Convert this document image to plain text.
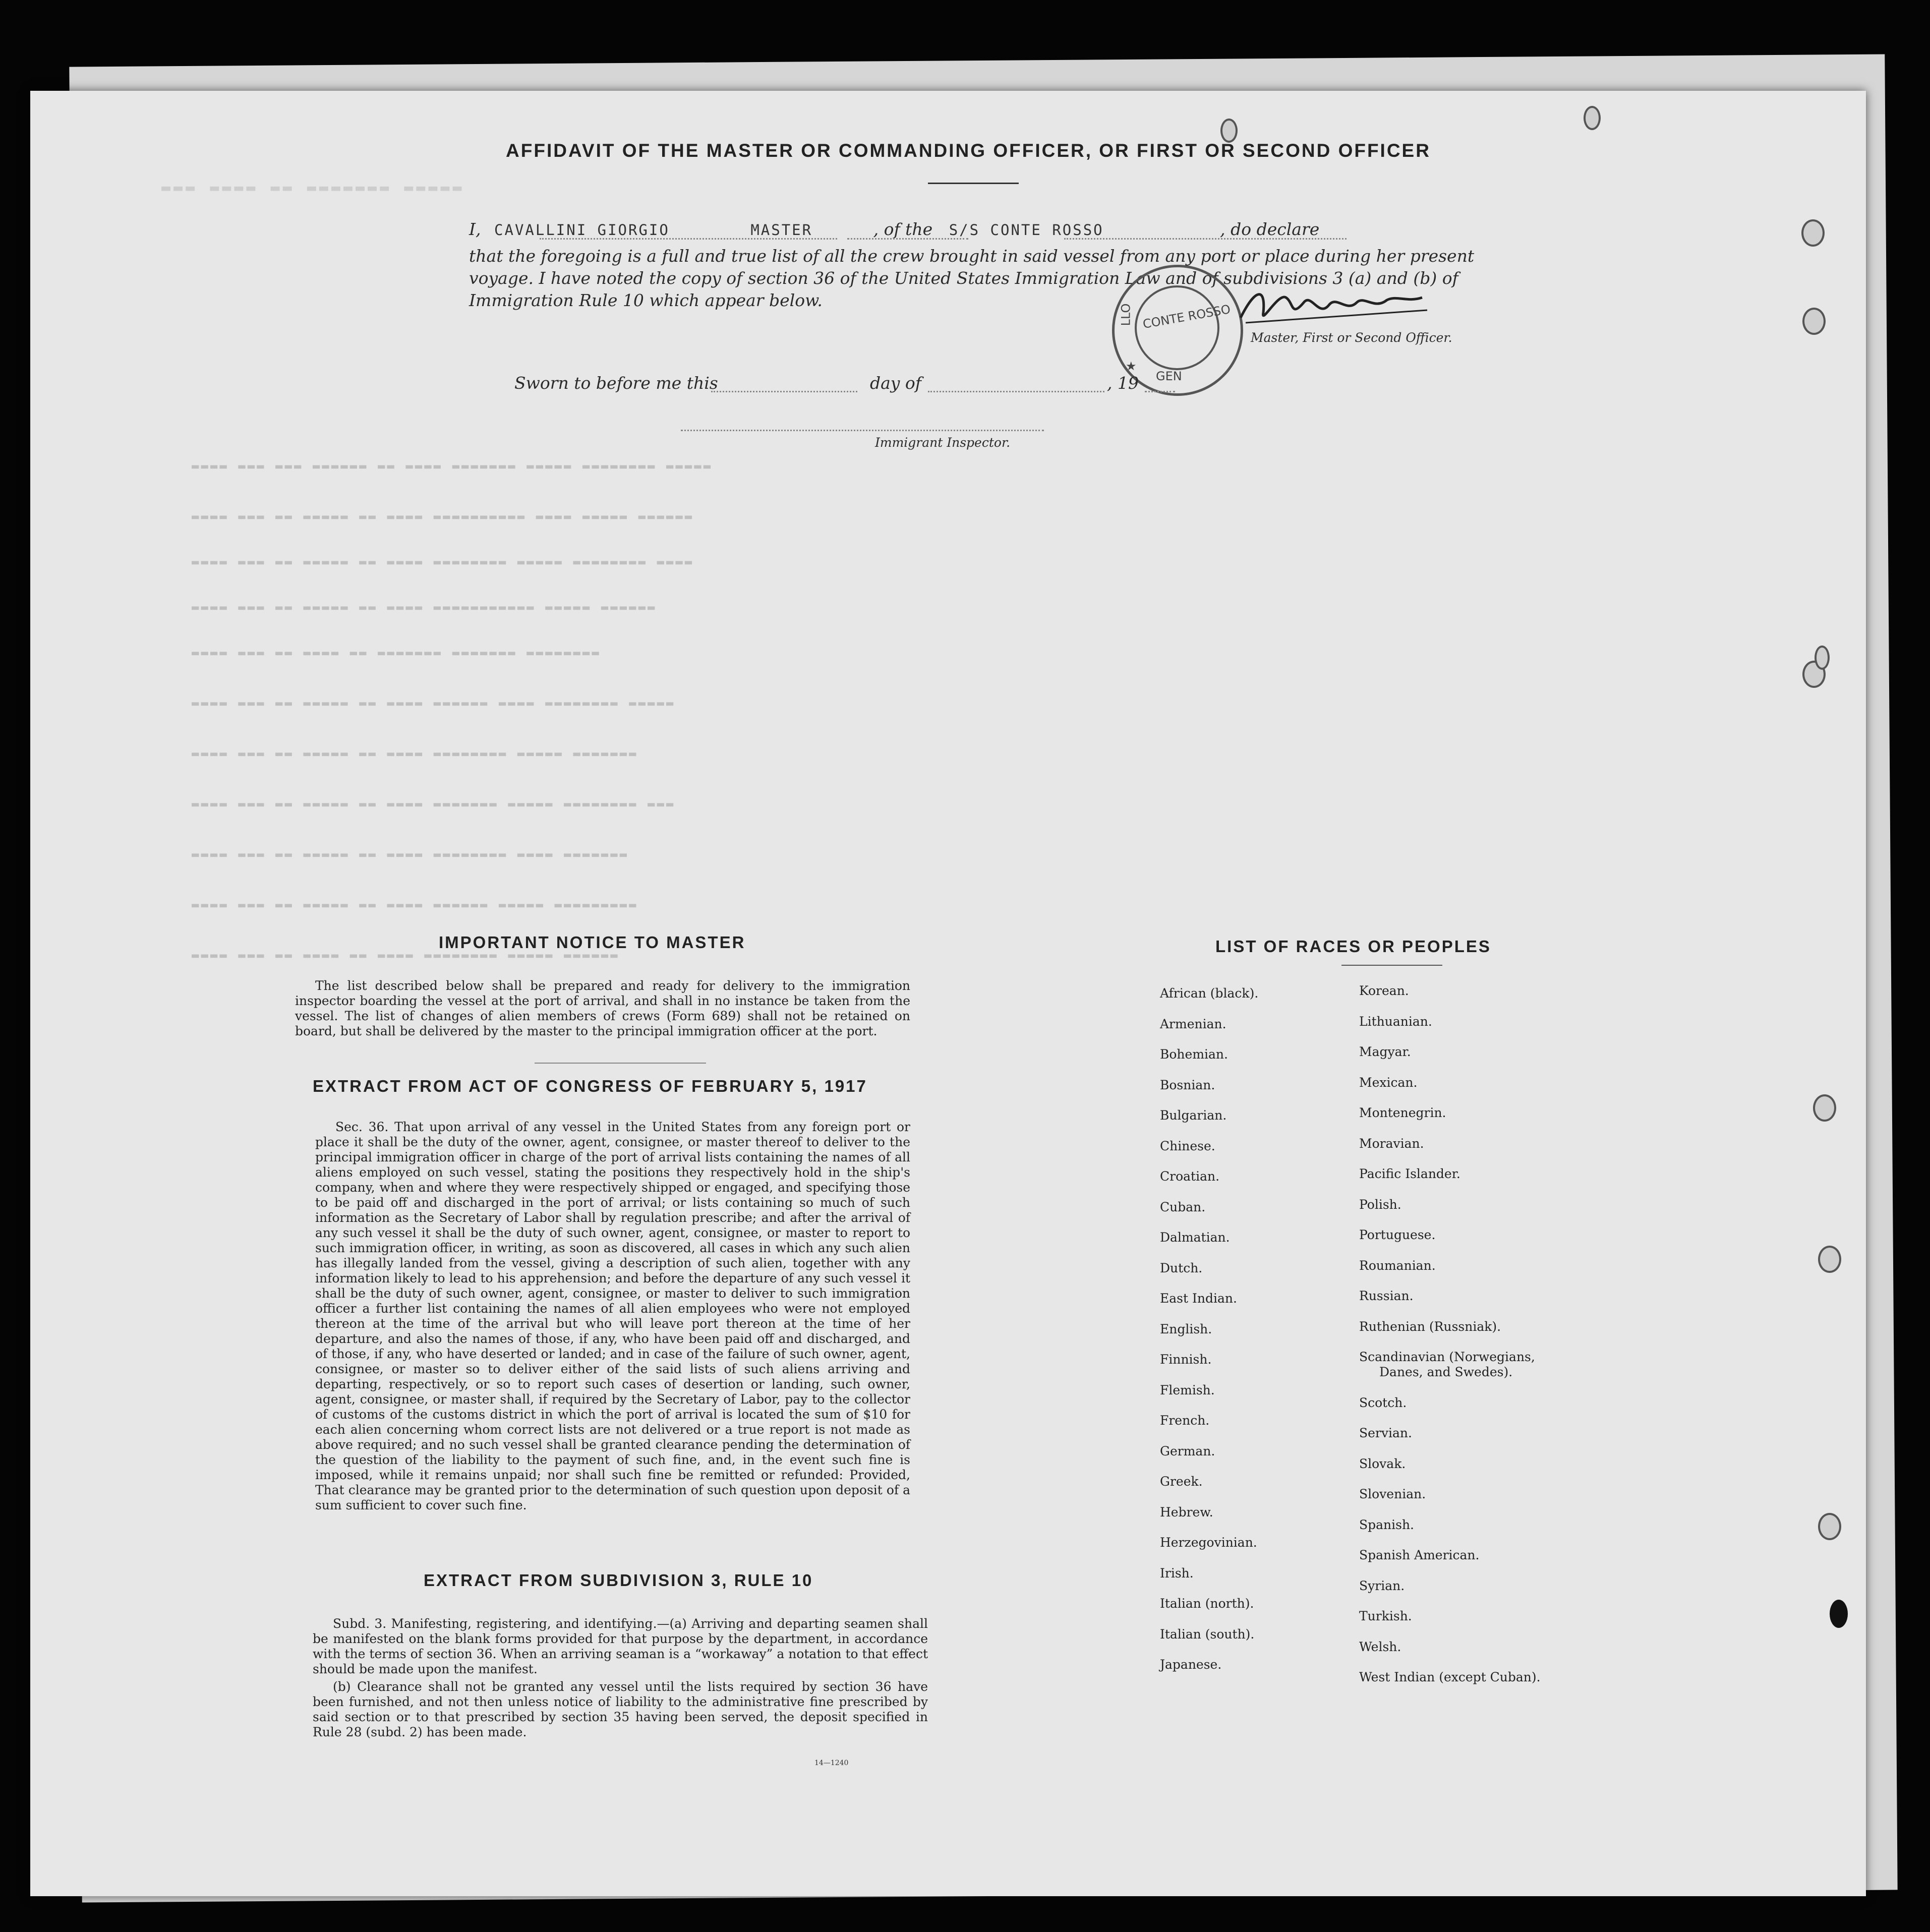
▬▬▬ ▬▬▬▬ ▬▬ ▬▬▬▬▬▬▬ ▬▬▬▬▬
▬▬▬▬ ▬▬▬ ▬▬▬ ▬▬▬▬▬▬ ▬▬ ▬▬▬▬ ▬▬▬▬▬▬▬ ▬▬▬▬▬ ▬▬▬▬▬▬▬▬ ▬▬▬▬▬
▬▬▬▬ ▬▬▬ ▬▬ ▬▬▬▬▬ ▬▬ ▬▬▬▬ ▬▬▬▬▬▬▬▬▬▬ ▬▬▬▬ ▬▬▬▬▬ ▬▬▬▬▬▬
▬▬▬▬ ▬▬▬ ▬▬ ▬▬▬▬▬ ▬▬ ▬▬▬▬ ▬▬▬▬▬▬▬▬ ▬▬▬▬▬ ▬▬▬▬▬▬▬▬ ▬▬▬▬
▬▬▬▬ ▬▬▬ ▬▬ ▬▬▬▬▬ ▬▬ ▬▬▬▬ ▬▬▬▬▬▬▬▬▬▬▬ ▬▬▬▬▬ ▬▬▬▬▬▬
▬▬▬▬ ▬▬▬ ▬▬ ▬▬▬▬ ▬▬ ▬▬▬▬▬▬▬ ▬▬▬▬▬▬▬ ▬▬▬▬▬▬▬▬
▬▬▬▬ ▬▬▬ ▬▬ ▬▬▬▬▬ ▬▬ ▬▬▬▬ ▬▬▬▬▬▬ ▬▬▬▬ ▬▬▬▬▬▬▬▬ ▬▬▬▬▬
▬▬▬▬ ▬▬▬ ▬▬ ▬▬▬▬▬ ▬▬ ▬▬▬▬ ▬▬▬▬▬▬▬▬ ▬▬▬▬▬ ▬▬▬▬▬▬▬
▬▬▬▬ ▬▬▬ ▬▬ ▬▬▬▬▬ ▬▬ ▬▬▬▬ ▬▬▬▬▬▬▬ ▬▬▬▬▬ ▬▬▬▬▬▬▬▬ ▬▬▬
▬▬▬▬ ▬▬▬ ▬▬ ▬▬▬▬▬ ▬▬ ▬▬▬▬ ▬▬▬▬▬▬▬▬ ▬▬▬▬ ▬▬▬▬▬▬▬
▬▬▬▬ ▬▬▬ ▬▬ ▬▬▬▬▬ ▬▬ ▬▬▬▬ ▬▬▬▬▬▬ ▬▬▬▬▬ ▬▬▬▬▬▬▬▬▬
▬▬▬▬ ▬▬▬ ▬▬ ▬▬▬▬ ▬▬ ▬▬▬▬ ▬▬▬▬▬▬▬▬ ▬▬▬▬▬ ▬▬▬▬▬▬
AFFIDAVIT OF THE MASTER OR COMMANDING OFFICER, OR FIRST OR SECOND OFFICER
I, CAVALLINI GIORGIO	MASTER	, of the S/S CONTE ROSSO	, do declare
that the foregoing is a full and true list of all the crew brought in said vessel from any port or place during her present
voyage. I have noted the copy of section 36 of the United States Immigration Law and of subdivisions 3 (a) and (b) of
Immigration Rule 10 which appear below.
CONTE ROSSO
LLO
GEN
★
Master, First or Second Officer.
Sworn to before me this	day of	, 19
Immigrant Inspector.
IMPORTANT NOTICE TO MASTER
The list described below shall be prepared and ready for delivery to the immigration inspector boarding the vessel at the port of arrival, and shall in no instance be taken from the vessel. The list of changes of alien members of crews (Form 689) shall not be retained on board, but shall be delivered by the master to the principal immigration officer at the port.
EXTRACT FROM ACT OF CONGRESS OF FEBRUARY 5, 1917
Sec. 36. That upon arrival of any vessel in the United States from any foreign port or place it shall be the duty of the owner, agent, consignee, or master thereof to deliver to the principal immigration officer in charge of the port of arrival lists containing the names of all aliens employed on such vessel, stating the positions they respectively hold in the ship's company, when and where they were respectively shipped or engaged, and specifying those to be paid off and discharged in the port of arrival; or lists containing so much of such information as the Secretary of Labor shall by regulation prescribe; and after the arrival of any such vessel it shall be the duty of such owner, agent, consignee, or master to report to such immigration officer, in writing, as soon as discovered, all cases in which any such alien has illegally landed from the vessel, giving a description of such alien, together with any information likely to lead to his apprehension; and before the departure of any such vessel it shall be the duty of such owner, agent, consignee, or master to deliver to such immigration officer a further list containing the names of all alien employees who were not employed thereon at the time of the arrival but who will leave port thereon at the time of her departure, and also the names of those, if any, who have been paid off and discharged, and of those, if any, who have deserted or landed; and in case of the failure of such owner, agent, consignee, or master so to deliver either of the said lists of such aliens arriving and departing, respectively, or so to report such cases of desertion or landing, such owner, agent, consignee, or master shall, if required by the Secretary of Labor, pay to the collector of customs of the customs district in which the port of arrival is located the sum of $10 for each alien concerning whom correct lists are not delivered or a true report is not made as above required; and no such vessel shall be granted clearance pending the determination of the question of the liability to the payment of such fine, and, in the event such fine is imposed, while it remains unpaid; nor shall such fine be remitted or refunded: Provided, That clearance may be granted prior to the determination of such question upon deposit of a sum sufficient to cover such fine.
EXTRACT FROM SUBDIVISION 3, RULE 10
Subd. 3. Manifesting, registering, and identifying.—(a) Arriving and departing seamen shall be manifested on the blank forms provided for that purpose by the department, in accordance with the terms of section 36. When an arriving seaman is a “workaway” a notation to that effect should be made upon the manifest.
(b) Clearance shall not be granted any vessel until the lists required by section 36 have been furnished, and not then unless notice of liability to the administrative fine prescribed by said section or to that prescribed by section 35 having been served, the deposit specified in Rule 28 (subd. 2) has been made.
14—1240
LIST OF RACES OR PEOPLES
African (black).
Armenian.
Bohemian.
Bosnian.
Bulgarian.
Chinese.
Croatian.
Cuban.
Dalmatian.
Dutch.
East Indian.
English.
Finnish.
Flemish.
French.
German.
Greek.
Hebrew.
Herzegovinian.
Irish.
Italian (north).
Italian (south).
Japanese.
Korean.
Lithuanian.
Magyar.
Mexican.
Montenegrin.
Moravian.
Pacific Islander.
Polish.
Portuguese.
Roumanian.
Russian.
Ruthenian (Russniak).
Scandinavian (Norwegians,
Danes, and Swedes).
Scotch.
Servian.
Slovak.
Slovenian.
Spanish.
Spanish American.
Syrian.
Turkish.
Welsh.
West Indian (except Cuban).
